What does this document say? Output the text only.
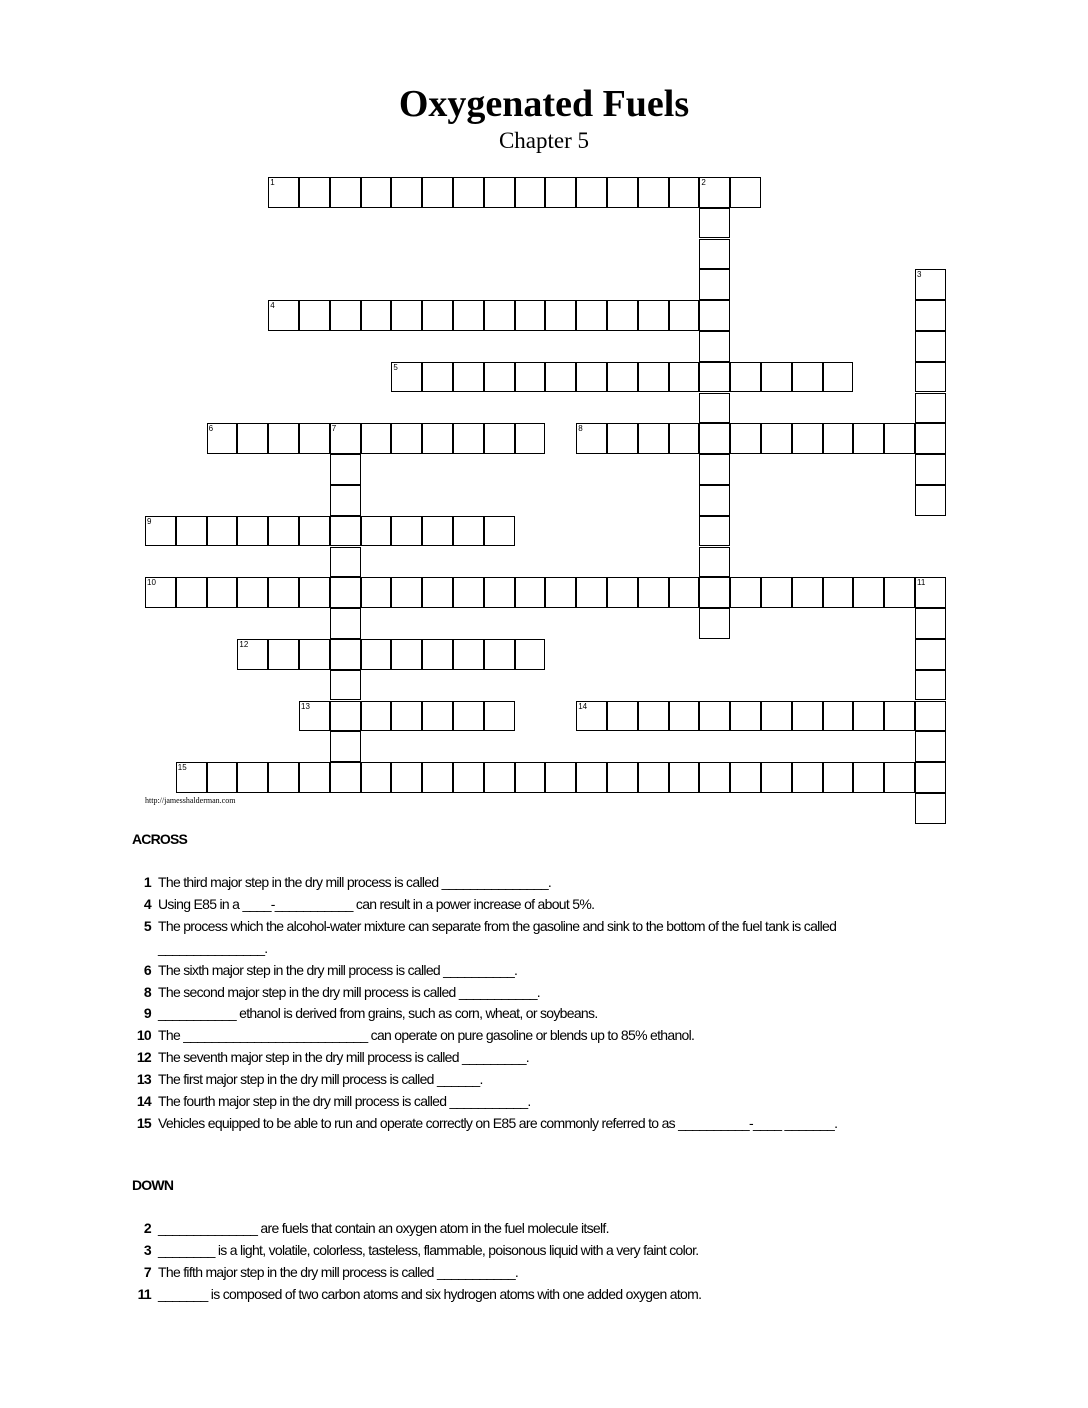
Oxygenated Fuels
Chapter 5
1	2
3
4
5
6	7	8
9
10	11
12
13	14
15
http://jamesshalderman.com
ACROSS
1 The third major step in the dry mill process is called _______________.
4 Using E85 in a ____-___________ can result in a power increase of about 5%.
5 The process which the alcohol-water mixture can separate from the gasoline and sink to the bottom of the fuel tank is called _______________.
6 The sixth major step in the dry mill process is called __________.
8 The second major step in the dry mill process is called ___________.
9 ___________ ethanol is derived from grains, such as corn, wheat, or soybeans.
10 The __________________________ can operate on pure gasoline or blends up to 85% ethanol.
12 The seventh major step in the dry mill process is called _________.
13 The first major step in the dry mill process is called ______.
14 The fourth major step in the dry mill process is called ___________.
15 Vehicles equipped to be able to run and operate correctly on E85 are commonly referred to as __________-____ _______.
DOWN
2 ______________ are fuels that contain an oxygen atom in the fuel molecule itself.
3 ________ is a light, volatile, colorless, tasteless, flammable, poisonous liquid with a very faint color.
7 The fifth major step in the dry mill process is called ___________.
11 _______ is composed of two carbon atoms and six hydrogen atoms with one added oxygen atom.
